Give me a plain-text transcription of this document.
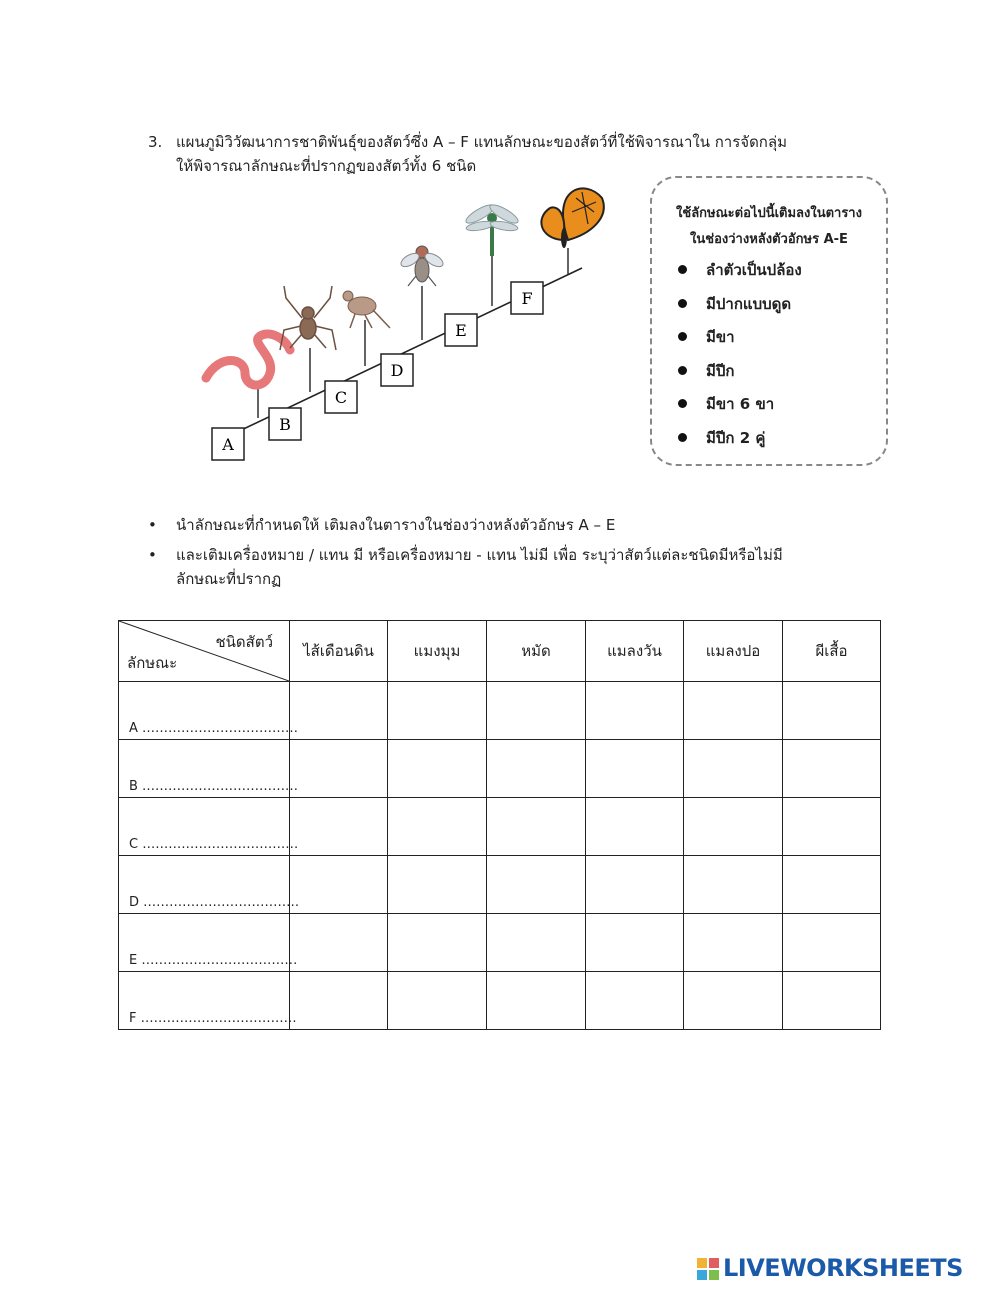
3. แผนภูมิวิวัฒนาการชาติพันธุ์ของสัตว์ซึ่ง A – F แทนลักษณะของสัตว์ที่ใช้พิจารณาใน การจัดกลุ่ม
ให้พิจารณาลักษณะที่ปรากฏของสัตว์ทั้ง 6 ชนิด
A
B
C
D
E
F
ใช้ลักษณะต่อไปนี้เติมลงในตาราง
ในช่องว่างหลังตัวอักษร A-E
ลำตัวเป็นปล้อง
มีปากแบบดูด
มีขา
มีปีก
มีขา 6 ขา
มีปีก 2 คู่
• นำลักษณะที่กำหนดให้ เติมลงในตารางในช่องว่างหลังตัวอักษร A – E
• และเติมเครื่องหมาย / แทน มี หรือเครื่องหมาย - แทน ไม่มี เพื่อ ระบุว่าสัตว์แต่ละชนิดมีหรือไม่มี
ลักษณะที่ปรากฏ
ชนิดสัตว์
ลักษณะ	ไส้เดือนดิน	แมงมุม	หมัด	แมลงวัน	แมลงปอ	ผีเสื้อ

A ………………………………						

B ………………………………						

C ………………………………						

D ………………………………						

E ………………………………						

F ………………………………						

LIVEWORKSHEETS
